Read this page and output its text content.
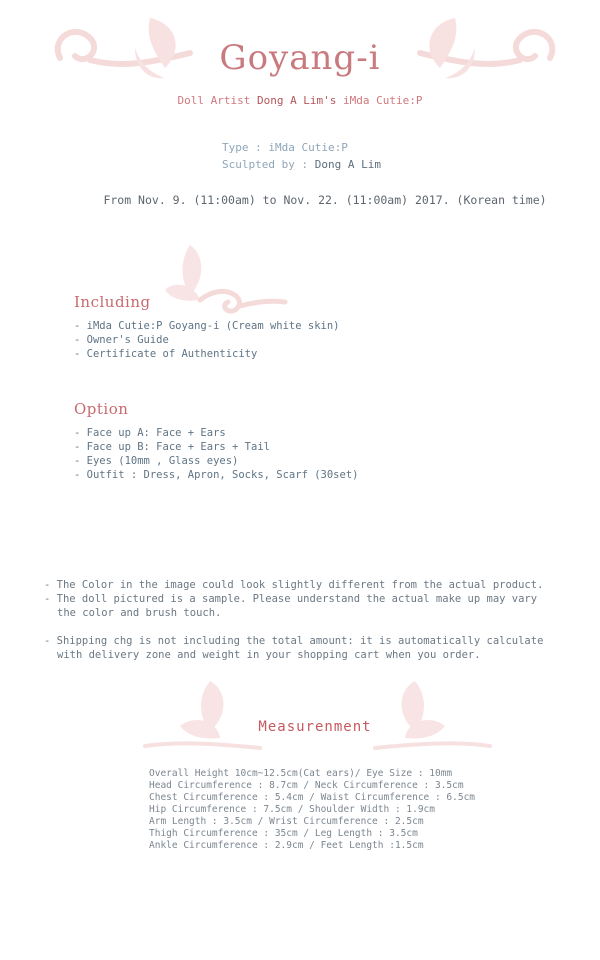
Goyang-i
Doll Artist Dong A Lim's iMda Cutie:P
Type : iMda Cutie:P
Sculpted by : Dong A Lim
From Nov. 9. (11:00am) to Nov. 22. (11:00am) 2017. (Korean time)
Including
- iMda Cutie:P Goyang-i (Cream white skin)
- Owner's Guide
- Certificate of Authenticity
Option
- Face up A: Face + Ears
- Face up B: Face + Ears + Tail
- Eyes (10mm , Glass eyes)
- Outfit : Dress, Apron, Socks, Scarf (30set)

- The Color in the image could look slightly different from the actual product.

- The doll pictured is a sample. Please understand the actual make up may vary

the color and brush touch.

- Shipping chg is not including the total amount: it is automatically calculate

with delivery zone and weight in your shopping cart when you order.

Measurenment
Overall Height 10cm~12.5cm(Cat ears)/ Eye Size : 10mm
Head Circumference : 8.7cm / Neck Circumference : 3.5cm
Chest Circumference : 5.4cm / Waist Circumference : 6.5cm
Hip Circumference : 7.5cm / Shoulder Width : 1.9cm
Arm Length : 3.5cm / Wrist Circumference : 2.5cm
Thigh Circumference : 35cm / Leg Length : 3.5cm
Ankle Circumference : 2.9cm / Feet Length :1.5cm
